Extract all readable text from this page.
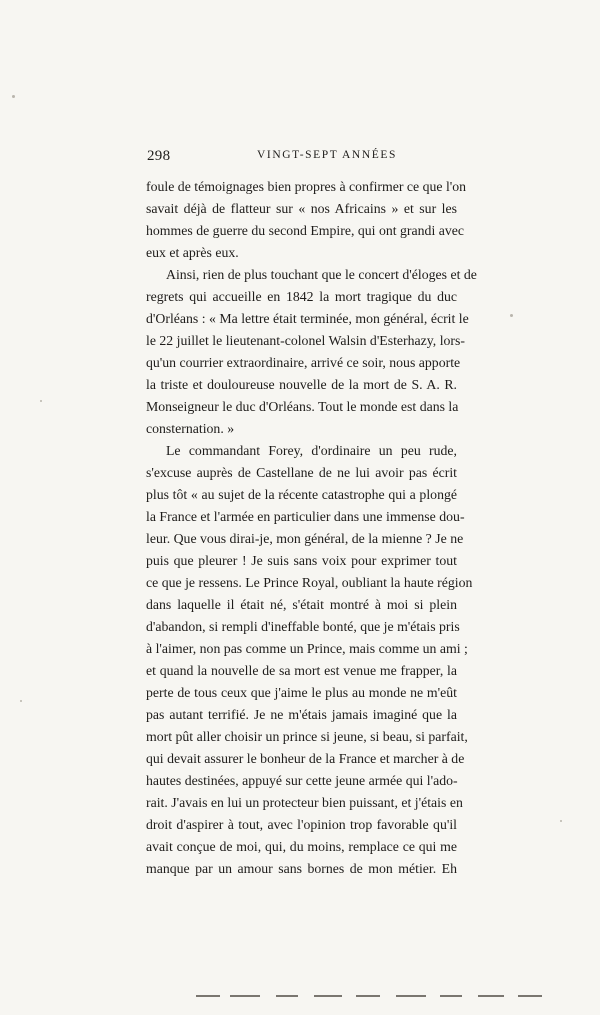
298	VINGT-SEPT ANNÉES
foule de témoignages bien propres à confirmer ce que l'on
savait déjà de flatteur sur « nos Africains » et sur les
hommes de guerre du second Empire, qui ont grandi avec
eux et après eux.
Ainsi, rien de plus touchant que le concert d'éloges et de
regrets qui accueille en 1842 la mort tragique du duc
d'Orléans : « Ma lettre était terminée, mon général, écrit le
le 22 juillet le lieutenant-colonel Walsin d'Esterhazy, lors-
qu'un courrier extraordinaire, arrivé ce soir, nous apporte
la triste et douloureuse nouvelle de la mort de S. A. R.
Monseigneur le duc d'Orléans. Tout le monde est dans la
consternation. »
Le commandant Forey, d'ordinaire un peu rude,
s'excuse auprès de Castellane de ne lui avoir pas écrit
plus tôt « au sujet de la récente catastrophe qui a plongé
la France et l'armée en particulier dans une immense dou-
leur. Que vous dirai-je, mon général, de la mienne ? Je ne
puis que pleurer ! Je suis sans voix pour exprimer tout
ce que je ressens. Le Prince Royal, oubliant la haute région
dans laquelle il était né, s'était montré à moi si plein
d'abandon, si rempli d'ineffable bonté, que je m'étais pris
à l'aimer, non pas comme un Prince, mais comme un ami ;
et quand la nouvelle de sa mort est venue me frapper, la
perte de tous ceux que j'aime le plus au monde ne m'eût
pas autant terrifié. Je ne m'étais jamais imaginé que la
mort pût aller choisir un prince si jeune, si beau, si parfait,
qui devait assurer le bonheur de la France et marcher à de
hautes destinées, appuyé sur cette jeune armée qui l'ado-
rait. J'avais en lui un protecteur bien puissant, et j'étais en
droit d'aspirer à tout, avec l'opinion trop favorable qu'il
avait conçue de moi, qui, du moins, remplace ce qui me
manque par un amour sans bornes de mon métier. Eh
